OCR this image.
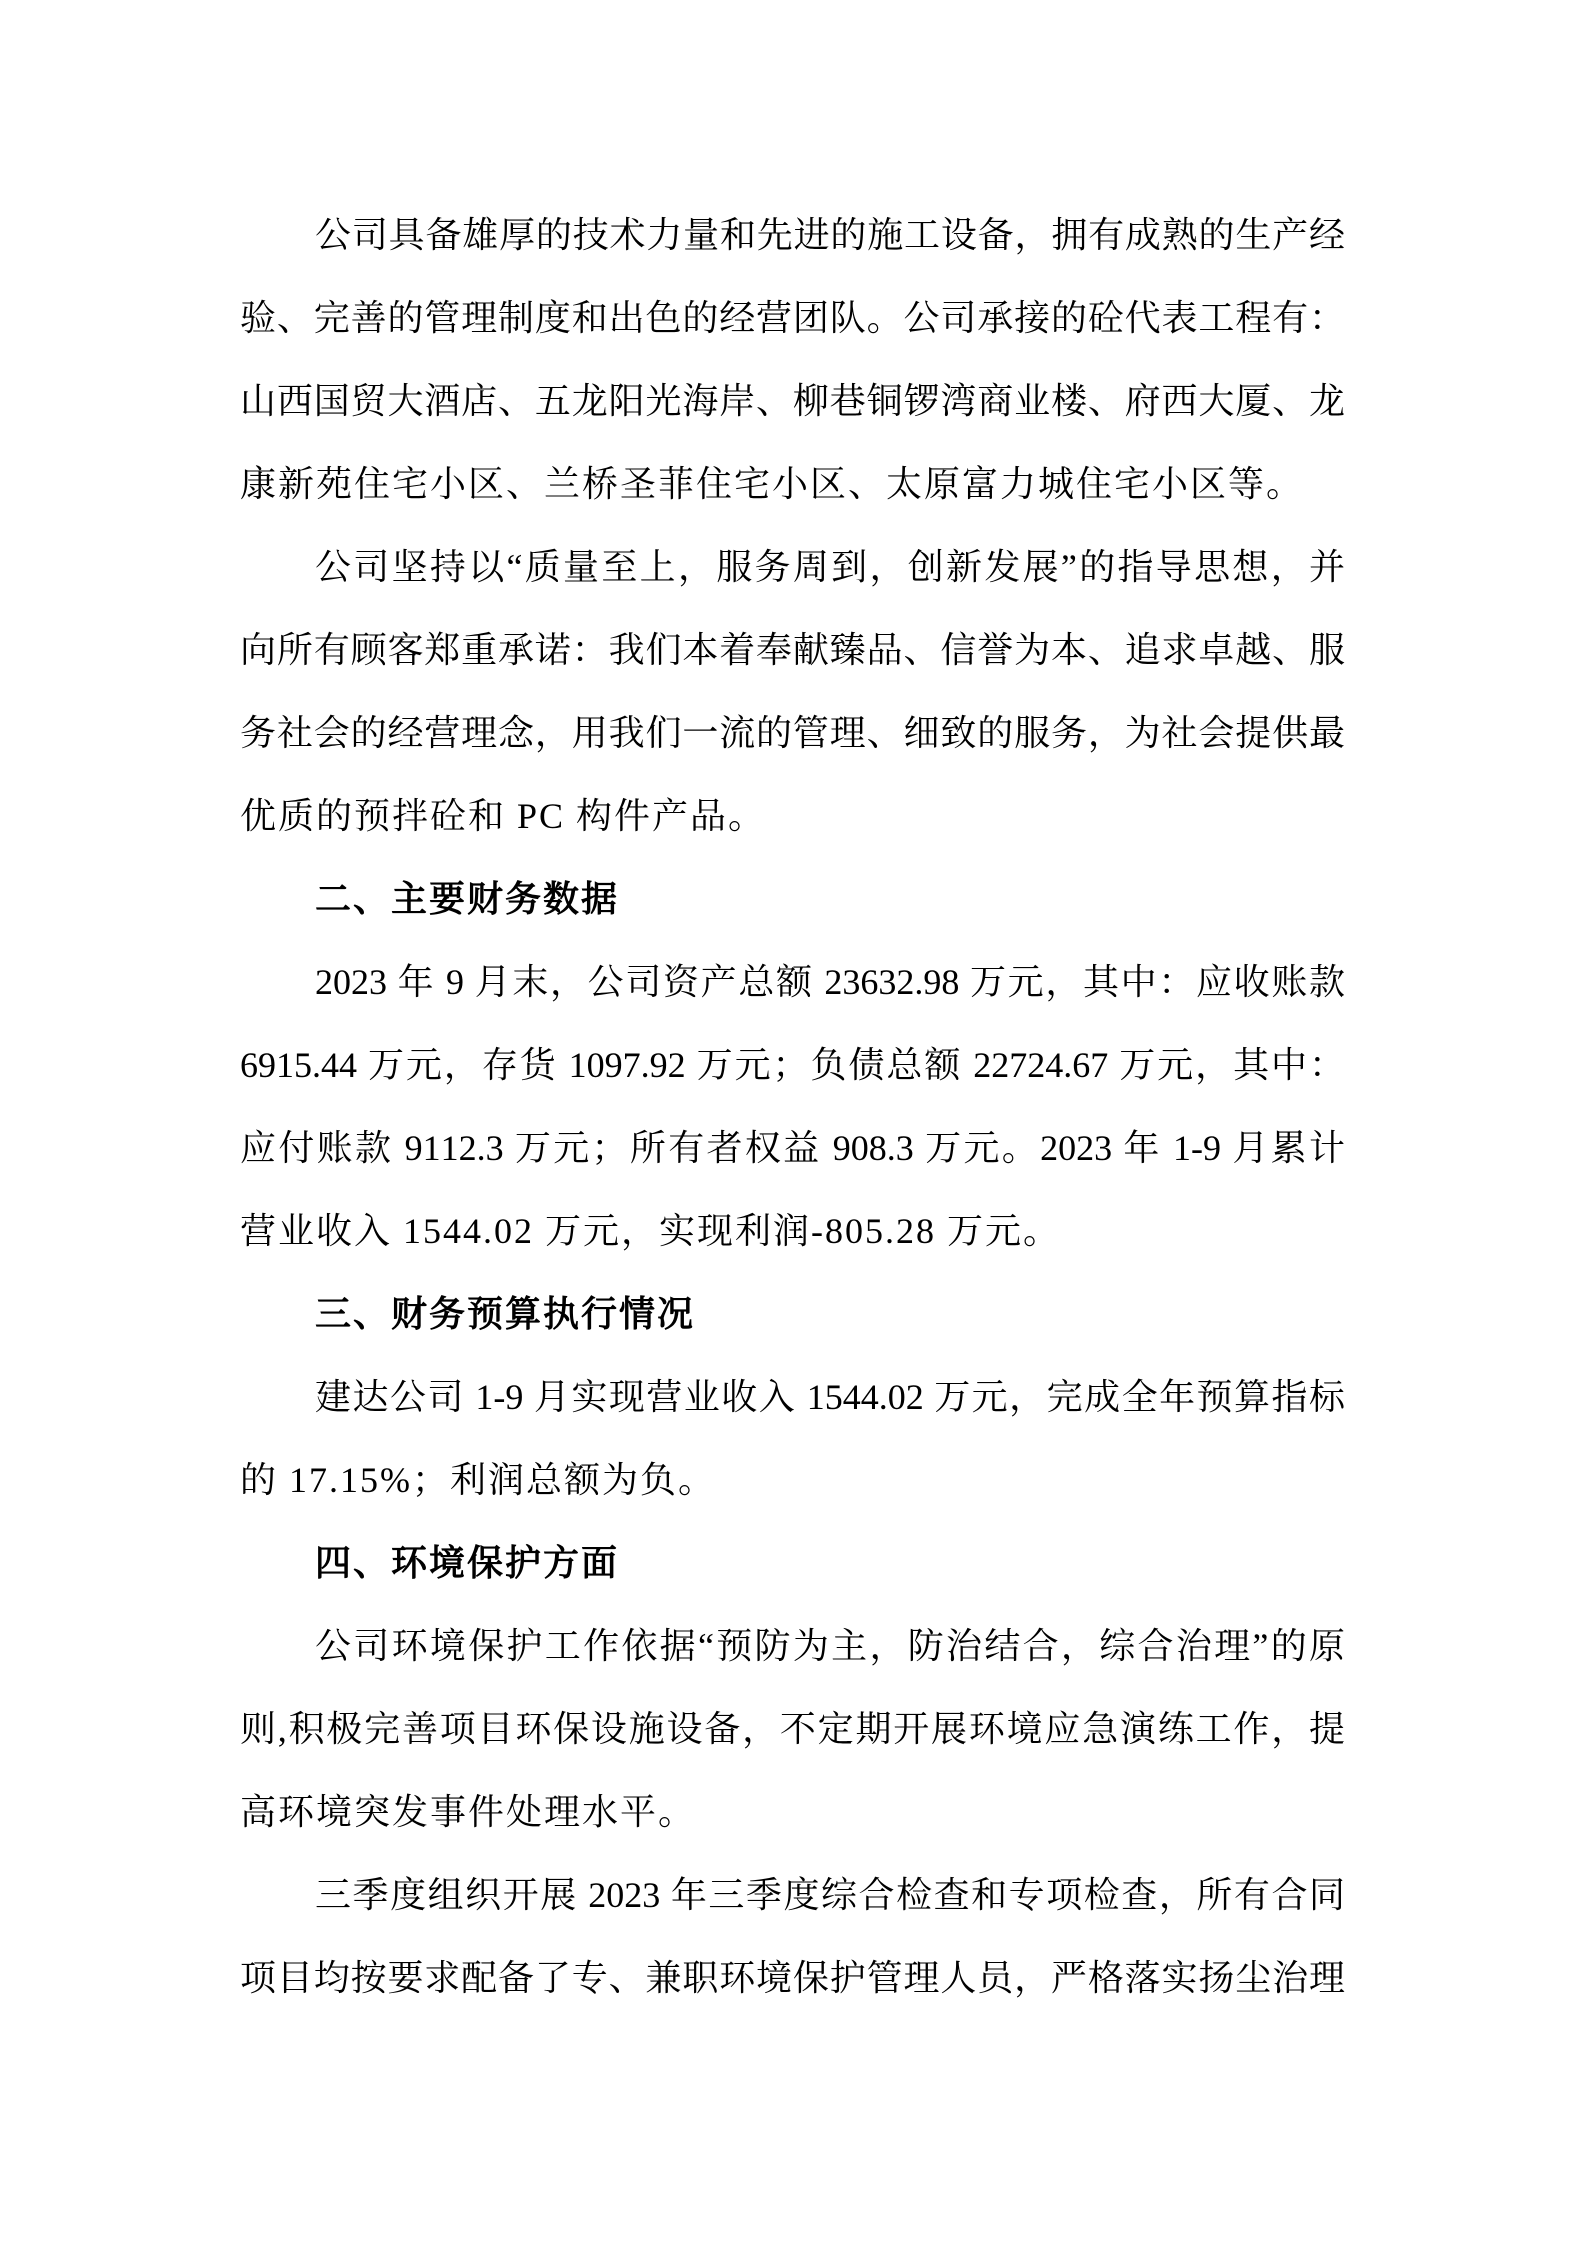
公司具备雄厚的技术力量和先进的施工设备，拥有成熟的生产经
验、完善的管理制度和出色的经营团队。公司承接的砼代表工程有：
山西国贸大酒店、五龙阳光海岸、柳巷铜锣湾商业楼、府西大厦、龙
康新苑住宅小区、兰桥圣菲住宅小区、太原富力城住宅小区等。
公司坚持以“质量至上，服务周到，创新发展”的指导思想，并
向所有顾客郑重承诺：我们本着奉献臻品、信誉为本、追求卓越、服
务社会的经营理念，用我们一流的管理、细致的服务，为社会提供最
优质的预拌砼和 PC 构件产品。
二、主要财务数据
2023 年 9 月末，公司资产总额 23632.98 万元，其中：应收账款
6915.44 万元，存货 1097.92 万元；负债总额 22724.67 万元，其中：
应付账款 9112.3 万元；所有者权益 908.3 万元。2023 年 1-9 月累计
营业收入 1544.02 万元，实现利润-805.28 万元。
三、财务预算执行情况
建达公司 1-9 月实现营业收入 1544.02 万元，完成全年预算指标
的 17.15%；利润总额为负。
四、环境保护方面
公司环境保护工作依据“预防为主，防治结合，综合治理”的原
则,积极完善项目环保设施设备，不定期开展环境应急演练工作，提
高环境突发事件处理水平。
三季度组织开展 2023 年三季度综合检查和专项检查，所有合同
项目均按要求配备了专、兼职环境保护管理人员，严格落实扬尘治理
